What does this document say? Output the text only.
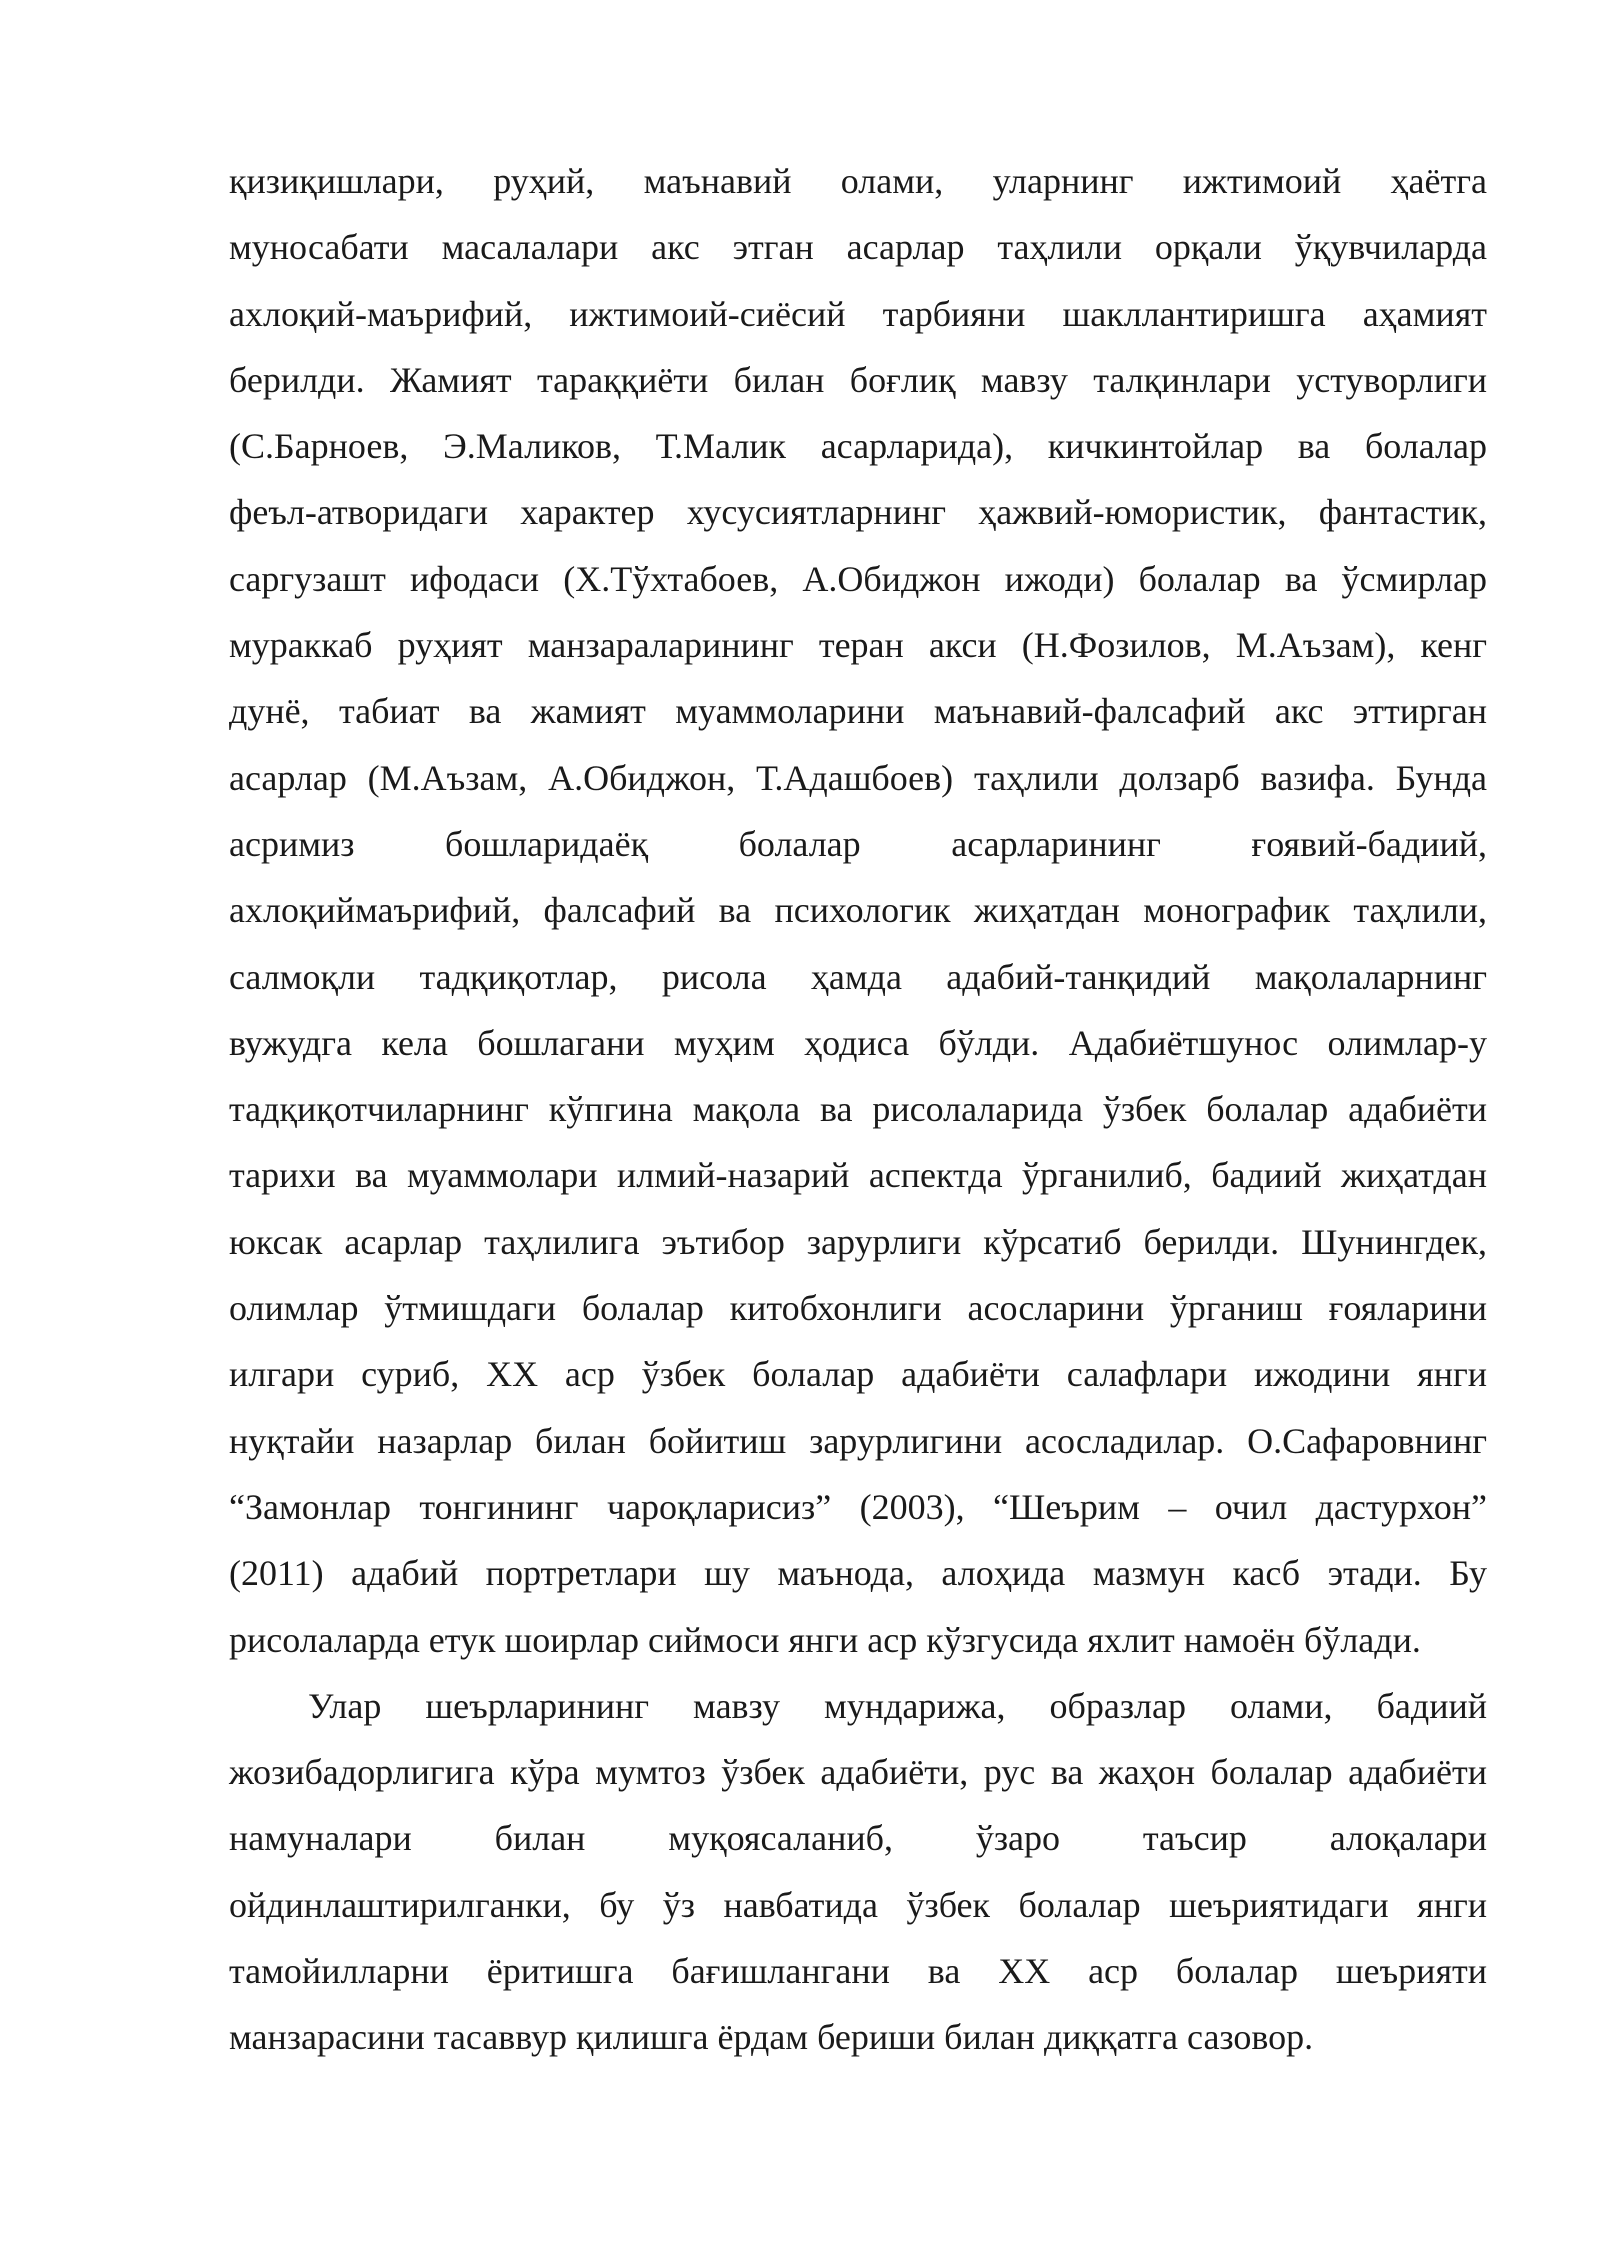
қизиқишлари, руҳий, маънавий олами, уларнинг ижтимоий ҳаётга
муносабати масалалари акс этган асарлар таҳлили орқали ўқувчиларда
ахлоқий-маърифий, ижтимоий-сиёсий тарбияни шакллантиришга аҳамият
берилди. Жамият тараққиёти билан боғлиқ мавзу талқинлари устуворлиги
(С.Барноев, Э.Маликов, Т.Малик асарларида), кичкинтойлар ва болалар
феъл-атворидаги характер хусусиятларнинг ҳажвий-юмористик, фантастик,
саргузашт ифодаси (Х.Тўхтабоев, А.Обиджон ижоди) болалар ва ўсмирлар
мураккаб руҳият манзараларининг теран акси (Н.Фозилов, М.Аъзам), кенг
дунё, табиат ва жамият муаммоларини маънавий-фалсафий акс эттирган
асарлар (М.Аъзам, А.Обиджон, Т.Адашбоев) таҳлили долзарб вазифа. Бунда
асримиз бошларидаёқ болалар асарларининг ғоявий-бадиий,
ахлоқиймаърифий, фалсафий ва психологик жиҳатдан монографик таҳлили,
салмоқли тадқиқотлар, рисола ҳамда адабий-танқидий мақолаларнинг
вужудга кела бошлагани муҳим ҳодиса бўлди. Адабиётшунос олимлар-у
тадқиқотчиларнинг кўпгина мақола ва рисолаларида ўзбек болалар адабиёти
тарихи ва муаммолари илмий-назарий аспектда ўрганилиб, бадиий жиҳатдан
юксак асарлар таҳлилига эътибор зарурлиги кўрсатиб берилди. Шунингдек,
олимлар ўтмишдаги болалар китобхонлиги асосларини ўрганиш ғояларини
илгари суриб, XX аср ўзбек болалар адабиёти салафлари ижодини янги
нуқтайи назарлар билан бойитиш зарурлигини асосладилар. О.Сафаровнинг
“Замонлар тонгининг чароқларисиз” (2003), “Шеърим – очил дастурхон”
(2011) адабий портретлари шу маънода, алоҳида мазмун касб этади. Бу
рисолаларда етук шоирлар сиймоси янги аср кўзгусида яхлит намоён бўлади.
Улар шеърларининг мавзу мундарижа, образлар олами, бадиий
жозибадорлигига кўра мумтоз ўзбек адабиёти, рус ва жаҳон болалар адабиёти
намуналари билан муқоясаланиб, ўзаро таъсир алоқалари
ойдинлаштирилганки, бу ўз навбатида ўзбек болалар шеъриятидаги янги
тамойилларни ёритишга бағишлангани ва XX аср болалар шеърияти
манзарасини тасаввур қилишга ёрдам бериши билан диққатга сазовор.
